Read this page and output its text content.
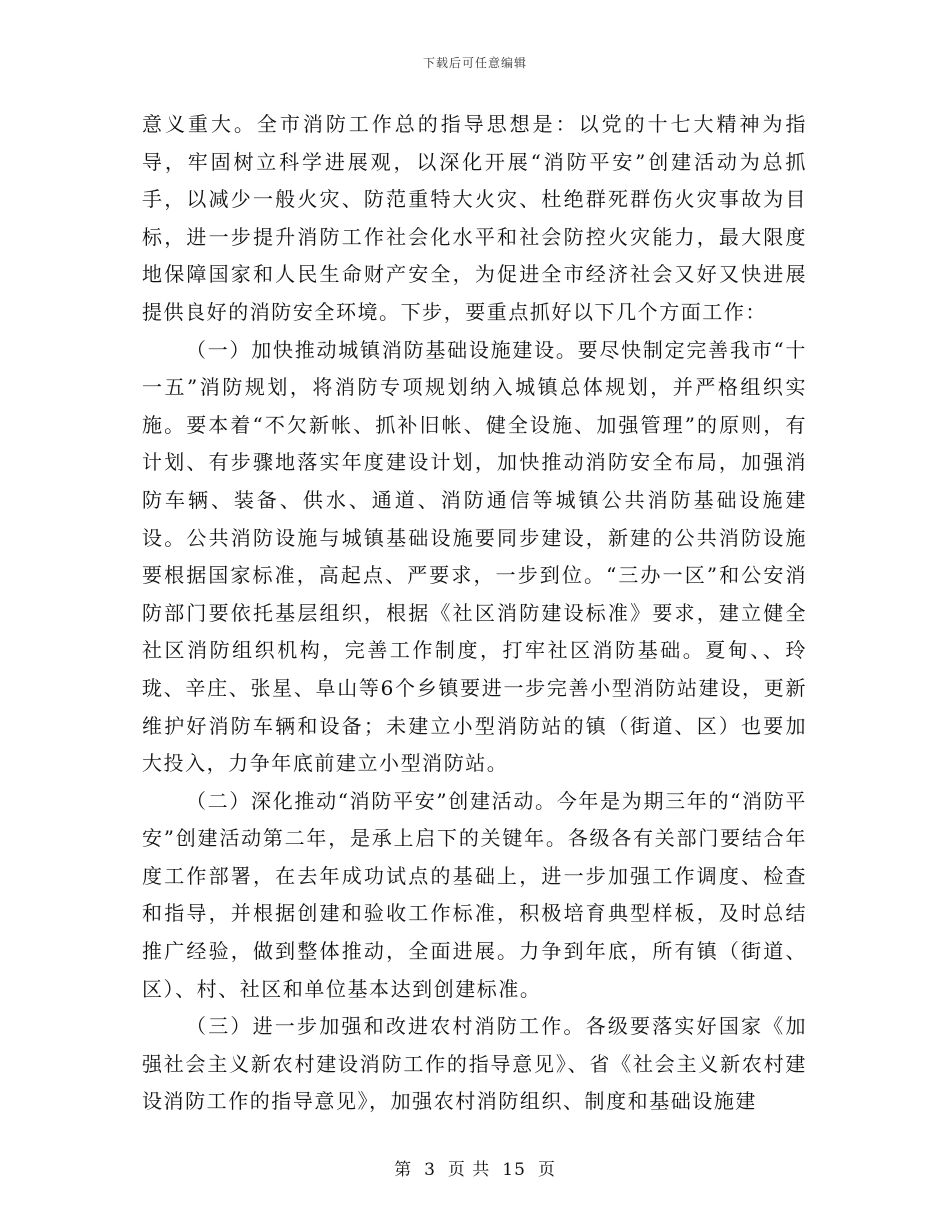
下载后可任意编辑

意义重大。全市消防工作总的指导思想是：以党的十七大精神为指导，牢固树立科学进展观，以深化开展“消防平安”创建活动为总抓手，以减少一般火灾、防范重特大火灾、杜绝群死群伤火灾事故为目标，进一步提升消防工作社会化水平和社会防控火灾能力，最大限度地保障国家和人民生命财产安全，为促进全市经济社会又好又快进展提供良好的消防安全环境。下步，要重点抓好以下几个方面工作：

（一）加快推动城镇消防基础设施建设。要尽快制定完善我市“十一五”消防规划，将消防专项规划纳入城镇总体规划，并严格组织实施。要本着“不欠新帐、抓补旧帐、健全设施、加强管理”的原则，有计划、有步骤地落实年度建设计划，加快推动消防安全布局，加强消防车辆、装备、供水、通道、消防通信等城镇公共消防基础设施建设。公共消防设施与城镇基础设施要同步建设，新建的公共消防设施要根据国家标准，高起点、严要求，一步到位。“三办一区”和公安消防部门要依托基层组织，根据《社区消防建设标准》要求，建立健全社区消防组织机构，完善工作制度，打牢社区消防基础。夏甸、、玲珑、辛庄、张星、阜山等6个乡镇要进一步完善小型消防站建设，更新维护好消防车辆和设备；未建立小型消防站的镇（街道、区）也要加大投入，力争年底前建立小型消防站。

（二）深化推动“消防平安”创建活动。今年是为期三年的“消防平安”创建活动第二年，是承上启下的关键年。各级各有关部门要结合年度工作部署，在去年成功试点的基础上，进一步加强工作调度、检查和指导，并根据创建和验收工作标准，积极培育典型样板，及时总结推广经验，做到整体推动，全面进展。力争到年底，所有镇（街道、区）、村、社区和单位基本达到创建标准。

（三）进一步加强和改进农村消防工作。各级要落实好国家《加强社会主义新农村建设消防工作的指导意见》、省《社会主义新农村建设消防工作的指导意见》，加强农村消防组织、制度和基础设施建

第 3 页 共 15 页
